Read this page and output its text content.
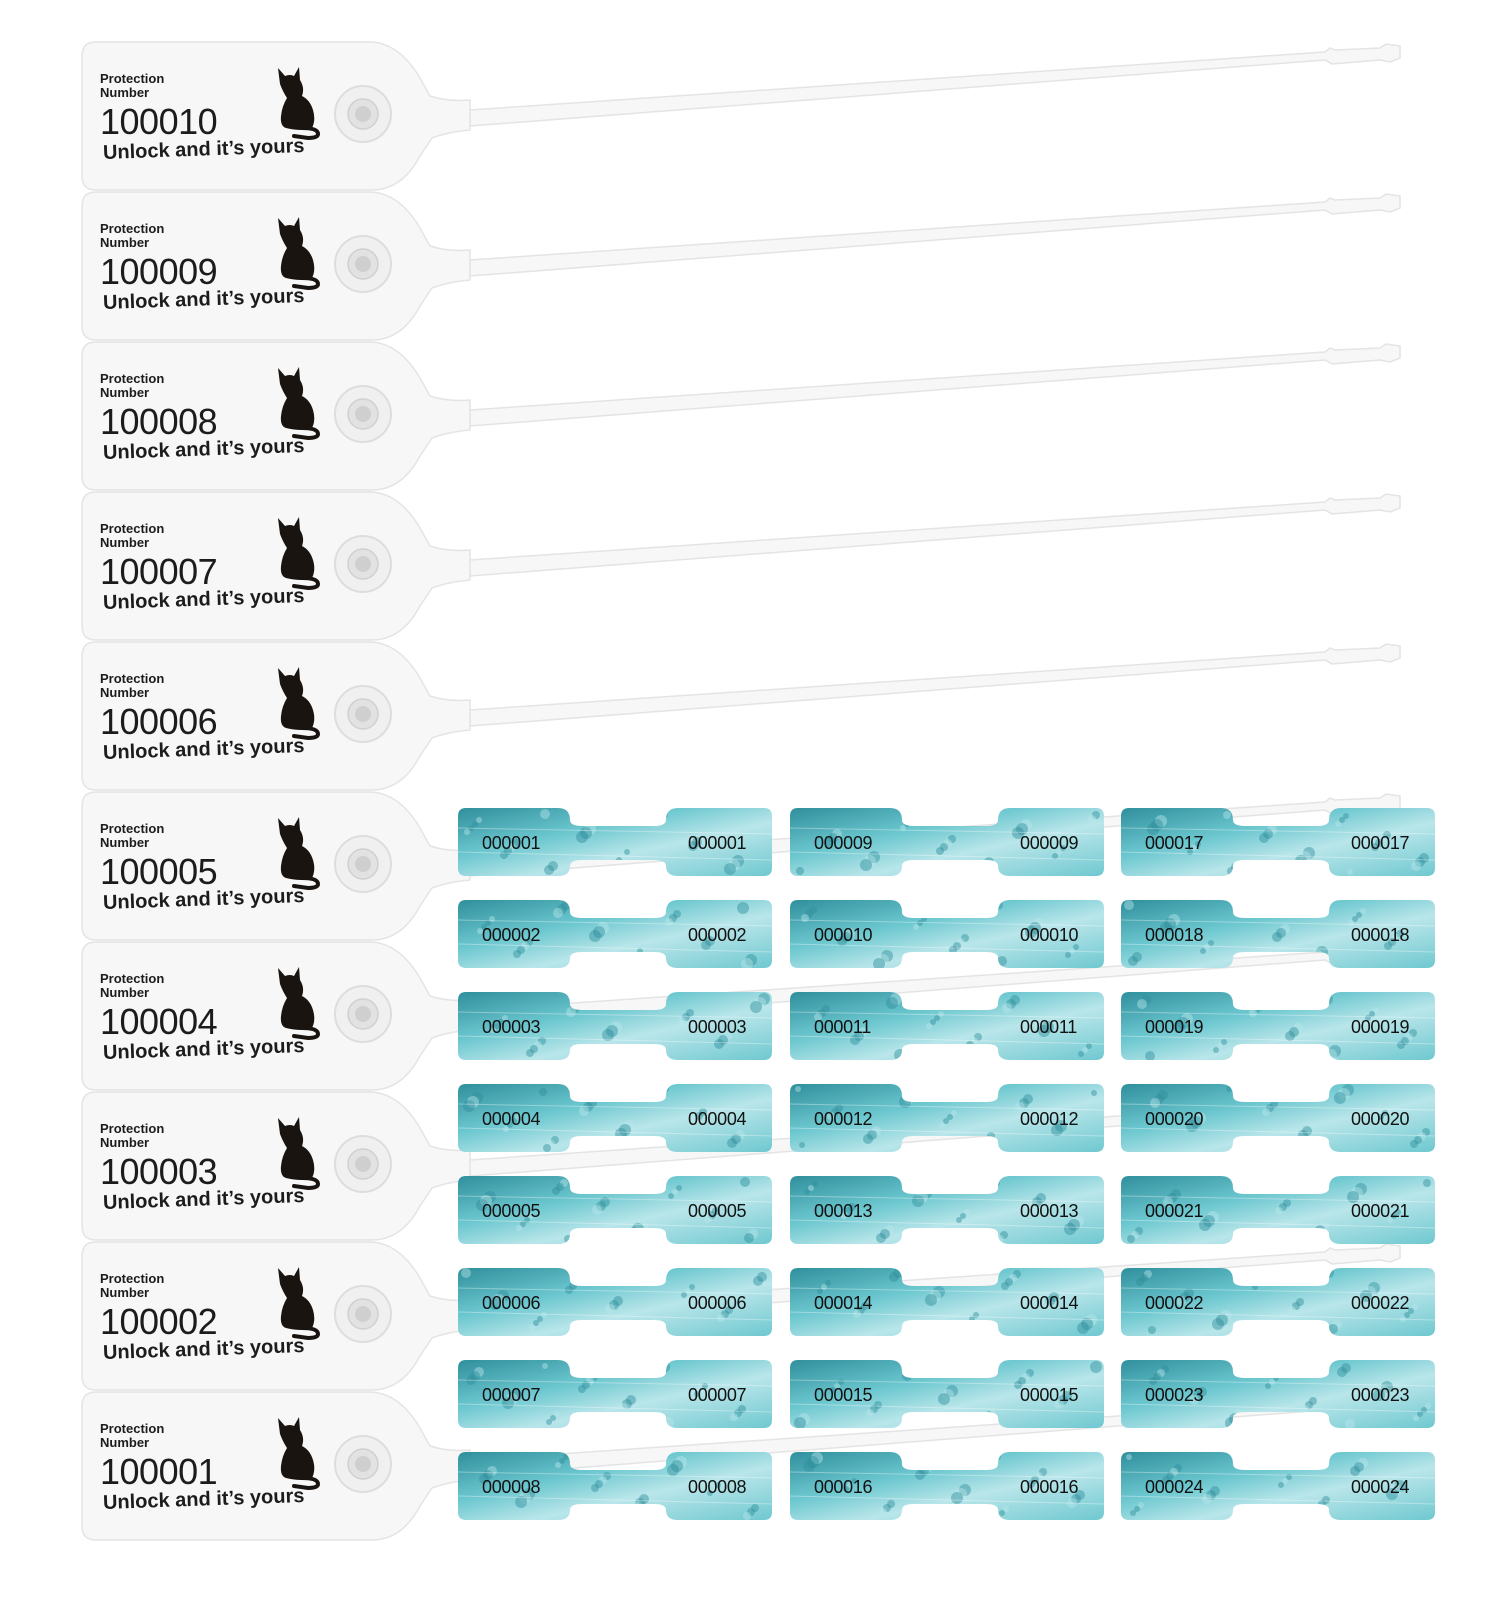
Protection Number
100010
Unlock and it’s yours
Protection Number
100009
Unlock and it’s yours
Protection Number
100008
Unlock and it’s yours
Protection Number
100007
Unlock and it’s yours
Protection Number
100006
Unlock and it’s yours
Protection Number
100005
Unlock and it’s yours
Protection Number
100004
Unlock and it’s yours
Protection Number
100003
Unlock and it’s yours
Protection Number
100002
Unlock and it’s yours
Protection Number
100001
Unlock and it’s yours
000001	000001
000002	000002
000003	000003
000004	000004
000005	000005
000006	000006
000007	000007
000008	000008
000009	000009
000010	000010
000011	000011
000012	000012
000013	000013
000014	000014
000015	000015
000016	000016
000017	000017
000018	000018
000019	000019
000020	000020
000021	000021
000022	000022
000023	000023
000024	000024
